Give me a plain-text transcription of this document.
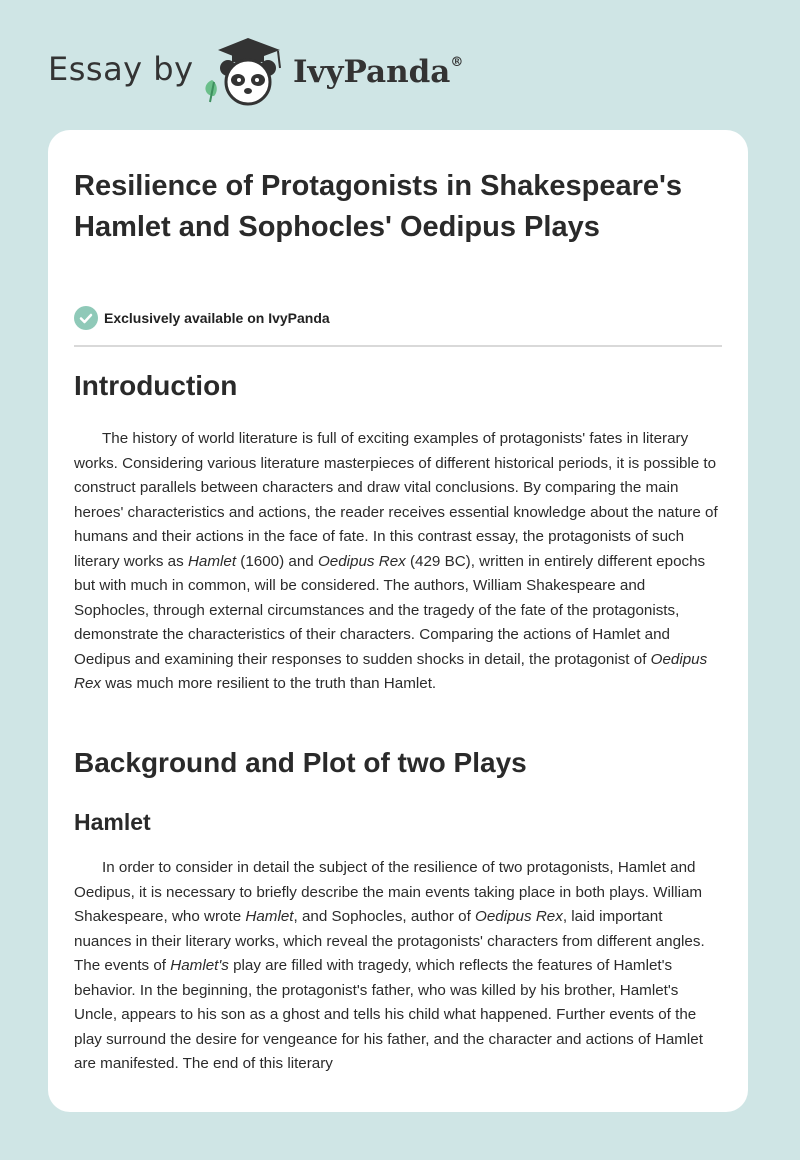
Essay by	IvyPanda®
Resilience of Protagonists in Shakespeare's Hamlet and Sophocles' Oedipus Plays
Exclusively available on IvyPanda
Introduction

The history of world literature is full of exciting examples of protagonists' fates in literary works. Considering various literature masterpieces of different historical periods, it is possible to construct parallels between characters and draw vital conclusions. By comparing the main heroes' characteristics and actions, the reader receives essential knowledge about the nature of humans and their actions in the face of fate. In this contrast essay, the protagonists of such literary works as Hamlet (1600) and Oedipus Rex (429 BC), written in entirely different epochs but with much in common, will be considered. The authors, William Shakespeare and Sophocles, through external circumstances and the tragedy of the fate of the protagonists, demonstrate the characteristics of their characters. Comparing the actions of Hamlet and Oedipus and examining their responses to sudden shocks in detail, the protagonist of Oedipus Rex was much more resilient to the truth than Hamlet.

Background and Plot of two Plays
Hamlet

In order to consider in detail the subject of the resilience of two protagonists, Hamlet and Oedipus, it is necessary to briefly describe the main events taking place in both plays. William Shakespeare, who wrote Hamlet, and Sophocles, author of Oedipus Rex, laid important nuances in their literary works, which reveal the protagonists' characters from different angles. The events of Hamlet's play are filled with tragedy, which reflects the features of Hamlet's behavior. In the beginning, the protagonist's father, who was killed by his brother, Hamlet's Uncle, appears to his son as a ghost and tells his child what happened. Further events of the play surround the desire for vengeance for his father, and the character and actions of Hamlet are manifested. The end of this literary
